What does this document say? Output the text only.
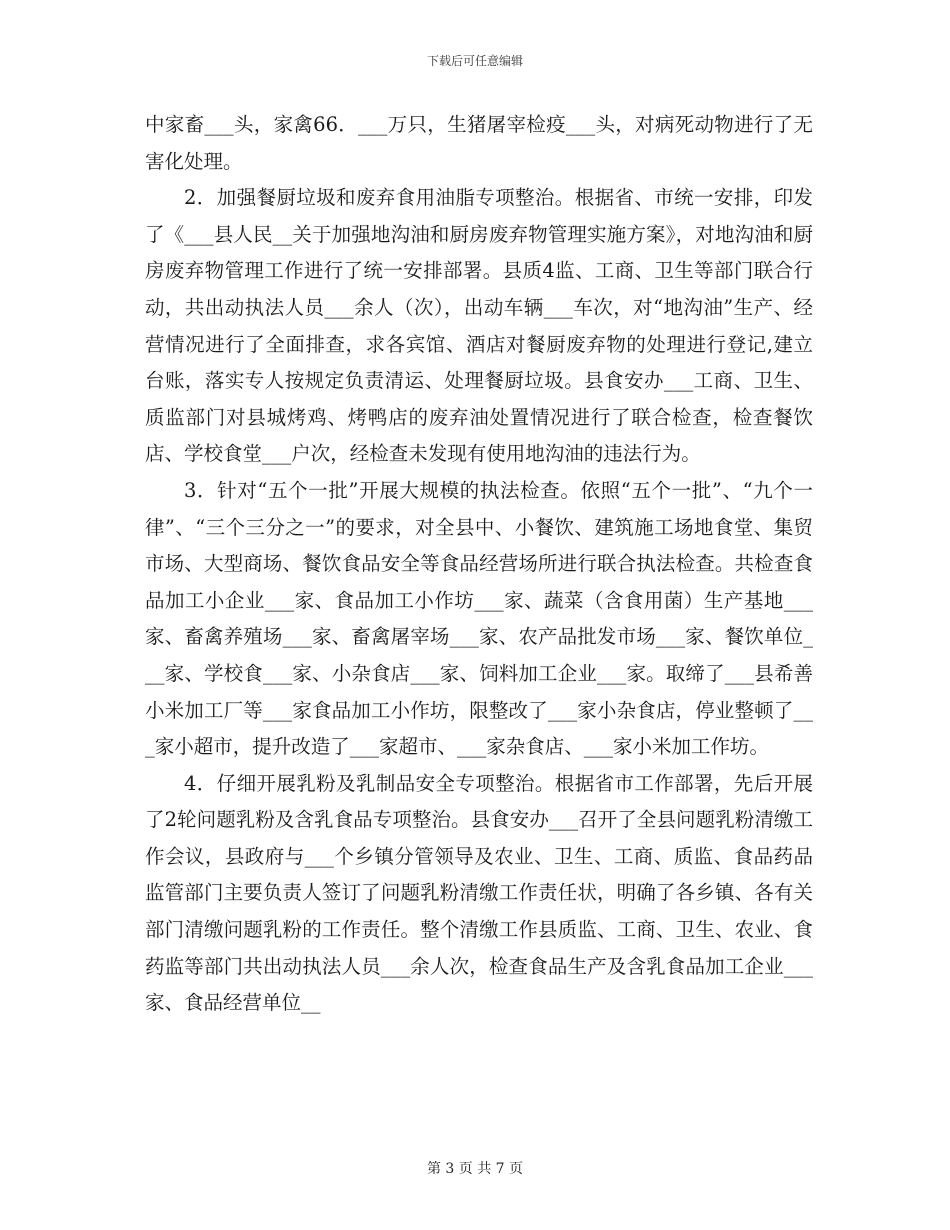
下载后可任意编辑

中家畜___头，家禽66．___万只，生猪屠宰检疫___头，对病死动物进行了无害化处理。

2．加强餐厨垃圾和废弃食用油脂专项整治。根据省、市统一安排，印发了《___县人民__关于加强地沟油和厨房废弃物管理实施方案》，对地沟油和厨房废弃物管理工作进行了统一安排部署。县质4监、工商、卫生等部门联合行动，共出动执法人员___余人（次），出动车辆___车次，对“地沟油”生产、经营情况进行了全面排查，求各宾馆、酒店对餐厨废弃物的处理进行登记,建立台账，落实专人按规定负责清运、处理餐厨垃圾。县食安办___工商、卫生、质监部门对县城烤鸡、烤鸭店的废弃油处置情况进行了联合检查，检查餐饮店、学校食堂___户次，经检查未发现有使用地沟油的违法行为。

3．针对“五个一批”开展大规模的执法检查。依照“五个一批”、“九个一律”、“三个三分之一”的要求，对全县中、小餐饮、建筑施工场地食堂、集贸市场、大型商场、餐饮食品安全等食品经营场所进行联合执法检查。共检查食品加工小企业___家、食品加工小作坊___家、蔬菜（含食用菌）生产基地___家、畜禽养殖场___家、畜禽屠宰场___家、农产品批发市场___家、餐饮单位___家、学校食___家、小杂食店___家、饲料加工企业___家。取缔了___县希善小米加工厂等___家食品加工小作坊，限整改了___家小杂食店，停业整顿了___家小超市，提升改造了___家超市、___家杂食店、___家小米加工作坊。

4．仔细开展乳粉及乳制品安全专项整治。根据省市工作部署，先后开展了2轮问题乳粉及含乳食品专项整治。县食安办___召开了全县问题乳粉清缴工作会议，县政府与___个乡镇分管领导及农业、卫生、工商、质监、食品药品监管部门主要负责人签订了问题乳粉清缴工作责任状，明确了各乡镇、各有关部门清缴问题乳粉的工作责任。整个清缴工作县质监、工商、卫生、农业、食药监等部门共出动执法人员___余人次，检查食品生产及含乳食品加工企业___家、食品经营单位__

第 3 页 共 7 页
